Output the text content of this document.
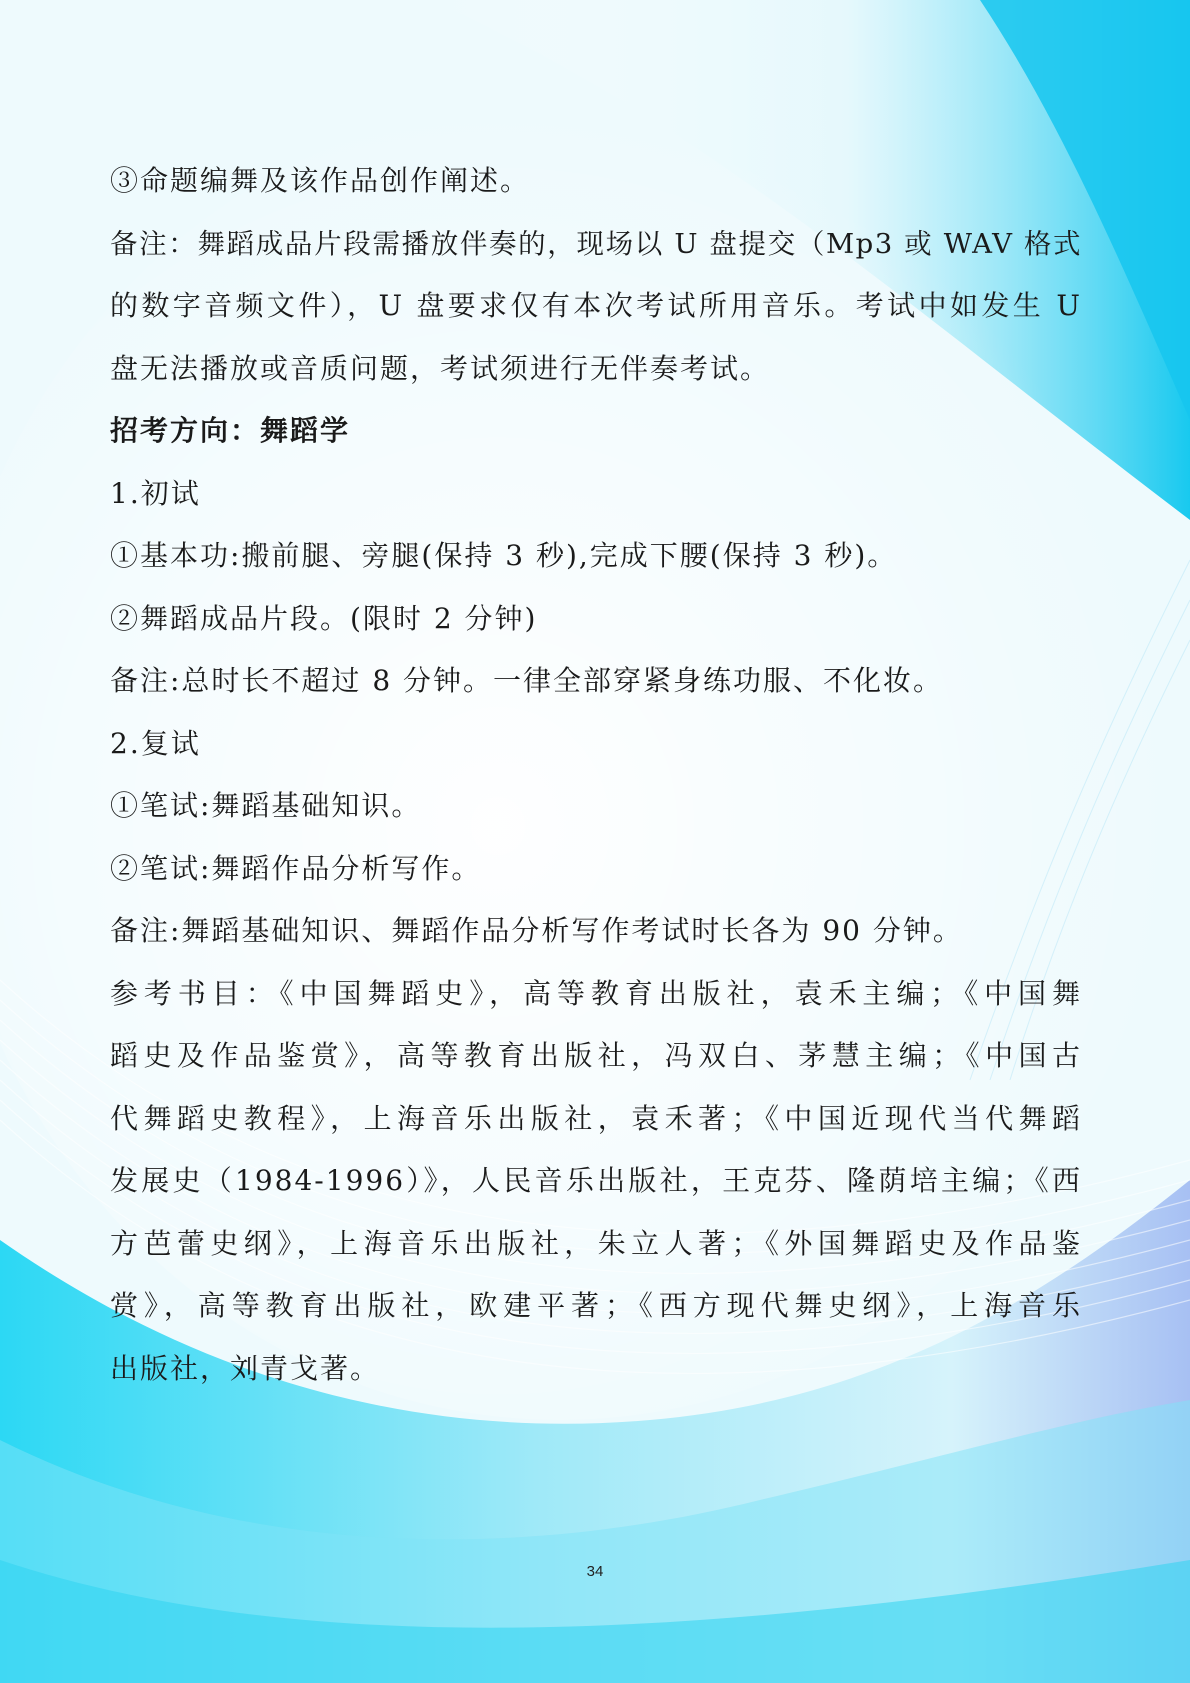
③命题编舞及该作品创作阐述。
备注：舞蹈成品片段需播放伴奏的，现场以 U 盘提交（Mp3 或 WAV 格式
的数字音频文件），U 盘要求仅有本次考试所用音乐。考试中如发生 U
盘无法播放或音质问题，考试须进行无伴奏考试。
招考方向：舞蹈学
1.初试
①基本功:搬前腿、旁腿(保持 3 秒),完成下腰(保持 3 秒)。
②舞蹈成品片段。(限时 2 分钟)
备注:总时长不超过 8 分钟。一律全部穿紧身练功服、不化妆。
2.复试
①笔试:舞蹈基础知识。
②笔试:舞蹈作品分析写作。
备注:舞蹈基础知识、舞蹈作品分析写作考试时长各为 90 分钟。
参考书目：《中国舞蹈史》，高等教育出版社，袁禾主编；《中国舞
蹈史及作品鉴赏》，高等教育出版社，冯双白、茅慧主编；《中国古
代舞蹈史教程》，上海音乐出版社，袁禾著；《中国近现代当代舞蹈
发展史（1984-1996）》，人民音乐出版社，王克芬、隆荫培主编；《西
方芭蕾史纲》，上海音乐出版社，朱立人著；《外国舞蹈史及作品鉴
赏》，高等教育出版社，欧建平著；《西方现代舞史纲》，上海音乐
出版社，刘青戈著。
34
